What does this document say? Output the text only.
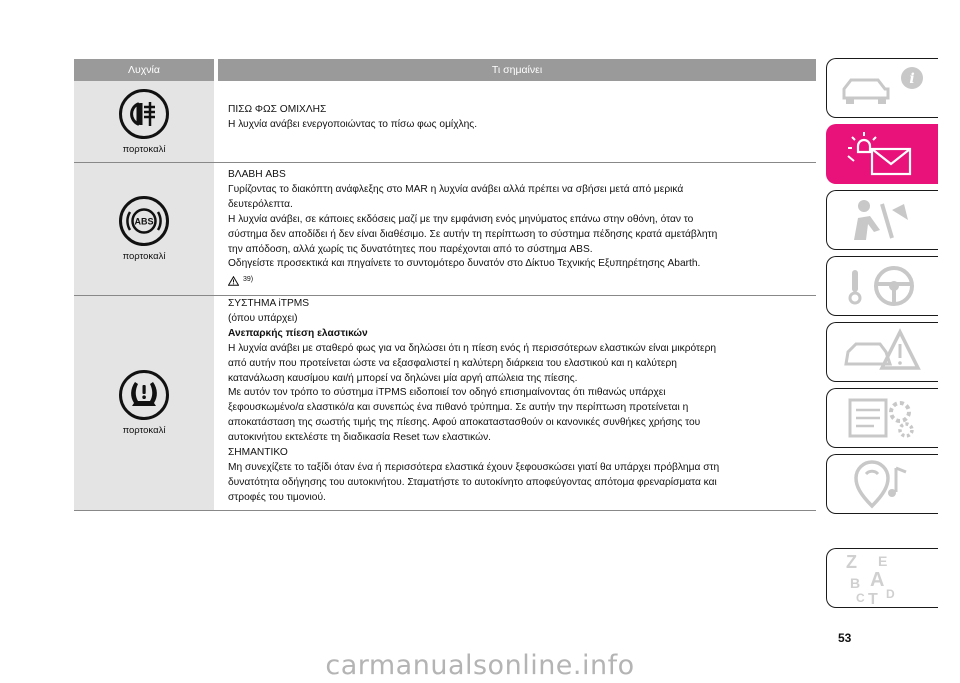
Λυχνία	Τι σημαίνει
πορτοκαλί

ΠΙΣΩ ΦΩΣ ΟΜΙΧΛΗΣ

Η λυχνία ανάβει ενεργοποιώντας το πίσω φως ομίχλης.

ABS
πορτοκαλί

ΒΛΑΒΗ ABS

Γυρίζοντας το διακόπτη ανάφλεξης στο MAR η λυχνία ανάβει αλλά πρέπει να σβήσει μετά από μερικά

δευτερόλεπτα.

Η λυχνία ανάβει, σε κάποιες εκδόσεις μαζί με την εμφάνιση ενός μηνύματος επάνω στην οθόνη, όταν το

σύστημα δεν αποδίδει ή δεν είναι διαθέσιμο. Σε αυτήν τη περίπτωση το σύστημα πέδησης κρατά αμετάβλητη

την απόδοση, αλλά χωρίς τις δυνατότητες που παρέχονται από το σύστημα ABS.

Οδηγείστε προσεκτικά και πηγαίνετε το συντομότερο δυνατόν στο Δίκτυο Τεχνικής Εξυπηρέτησης Abarth.

39)
πορτοκαλί

ΣΥΣΤΗΜΑ iTPMS

(όπου υπάρχει)

Ανεπαρκής πίεση ελαστικών

Η λυχνία ανάβει με σταθερό φως για να δηλώσει ότι η πίεση ενός ή περισσότερων ελαστικών είναι μικρότερη

από αυτήν που προτείνεται ώστε να εξασφαλιστεί η καλύτερη διάρκεια του ελαστικού και η καλύτερη

κατανάλωση καυσίμου και/ή μπορεί να δηλώνει μία αργή απώλεια της πίεσης.

Με αυτόν τον τρόπο το σύστημα iTPMS ειδοποιεί τον οδηγό επισημαίνοντας ότι πιθανώς υπάρχει

ξεφουσκωμένο/α ελαστικό/α και συνεπώς ένα πιθανό τρύπημα. Σε αυτήν την περίπτωση προτείνεται η

αποκατάσταση της σωστής τιμής της πίεσης. Αφού αποκαταστασθούν οι κανονικές συνθήκες χρήσης του

αυτοκινήτου εκτελέστε τη διαδικασία Reset των ελαστικών.

ΣΗΜΑΝΤΙΚΟ

Μη συνεχίζετε το ταξίδι όταν ένα ή περισσότερα ελαστικά έχουν ξεφουσκώσει γιατί θα υπάρχει πρόβλημα στη

δυνατότητα οδήγησης του αυτοκινήτου. Σταματήστε το αυτοκίνητο αποφεύγοντας απότομα φρεναρίσματα και

στροφές του τιμονιού.

i
Z E
B A
C T D
53
carmanualsonline.info
